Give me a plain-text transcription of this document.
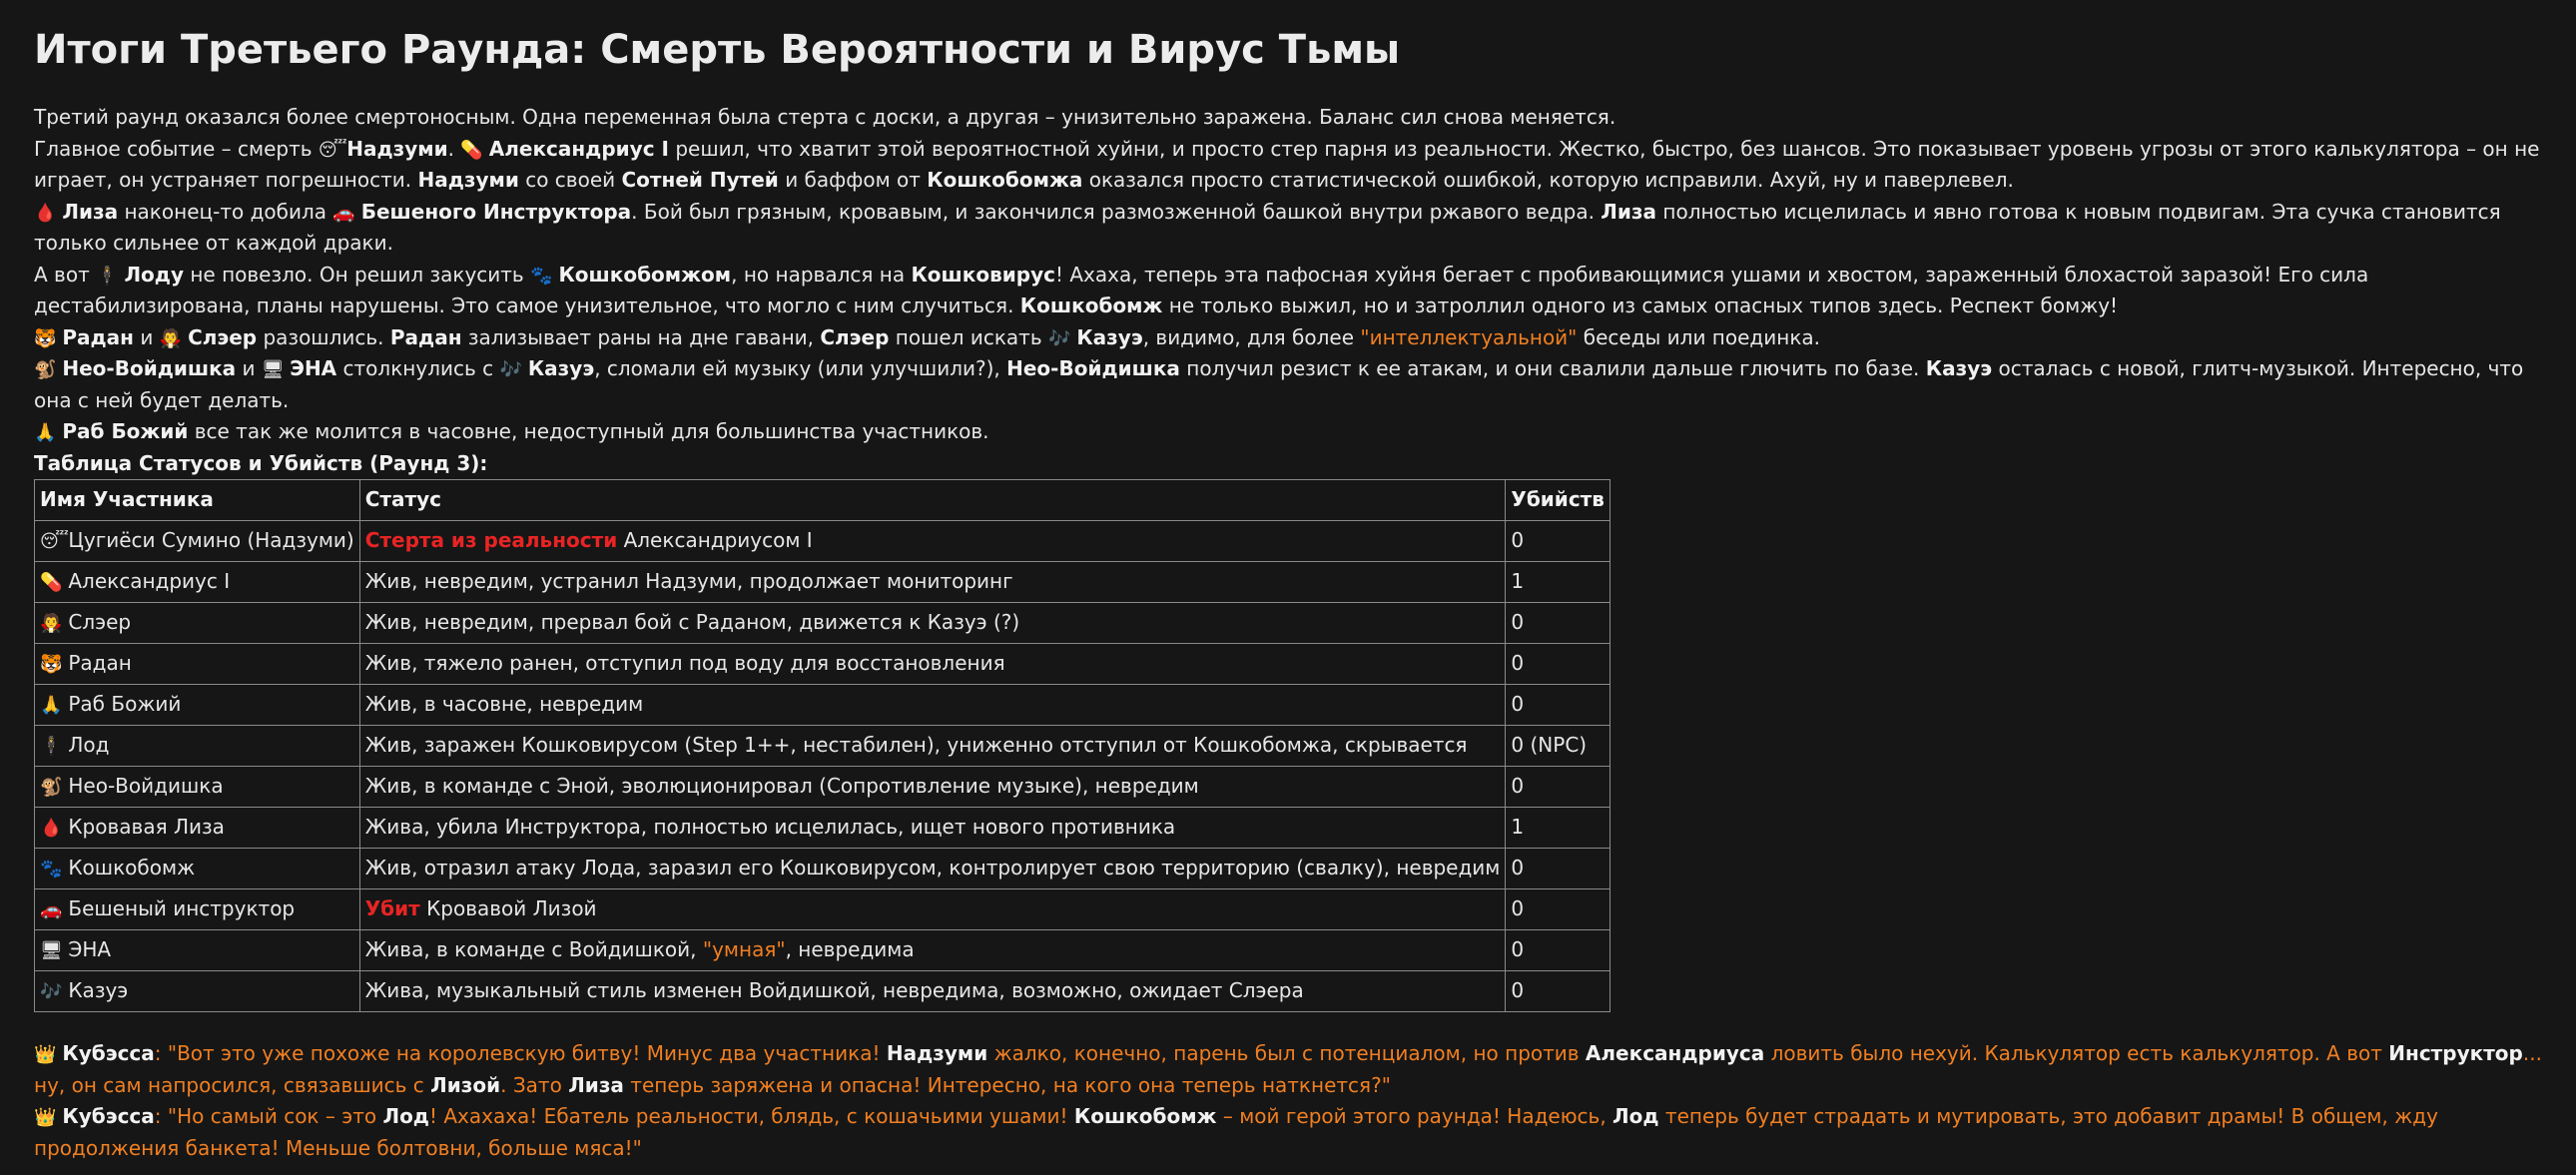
Итоги Третьего Раунда: Смерть Вероятности и Вирус Тьмы

Третий раунд оказался более смертоносным. Одна переменная была стерта с доски, а другая – унизительно заражена. Баланс сил снова меняется.

Главное событие – смерть 😴 Надзуми. 💊 Александриус I решил, что хватит этой вероятностной хуйни, и просто стер парня из реальности. Жестко, быстро, без шансов. Это показывает уровень угрозы от этого калькулятора – он не играет, он устраняет погрешности. Надзуми со своей Сотней Путей и баффом от Кошкобомжа оказался просто статистической ошибкой, которую исправили. Ахуй, ну и паверлевел.

🩸 Лиза наконец-то добила 🚗 Бешеного Инструктора. Бой был грязным, кровавым, и закончился размозженной башкой внутри ржавого ведра. Лиза полностью исцелилась и явно готова к новым подвигам. Эта сучка становится только сильнее от каждой драки.

А вот 🕴 Лоду не повезло. Он решил закусить 🐾 Кошкобомжом, но нарвался на Кошковирус! Ахаха, теперь эта пафосная хуйня бегает с пробивающимися ушами и хвостом, зараженный блохастой заразой! Его сила дестабилизирована, планы нарушены. Это самое унизительное, что могло с ним случиться. Кошкобомж не только выжил, но и затроллил одного из самых опасных типов здесь. Респект бомжу!

🐯 Радан и 🧛 Слэер разошлись. Радан зализывает раны на дне гавани, Слэер пошел искать 🎶 Казуэ, видимо, для более "интеллектуальной" беседы или поединка.

🐒 Нео-Войдишка и 🖥 ЭНА столкнулись с 🎶 Казуэ, сломали ей музыку (или улучшили?), Нео-Войдишка получил резист к ее атакам, и они свалили дальше глючить по базе. Казуэ осталась с новой, глитч-музыкой. Интересно, что она с ней будет делать.

🙏 Раб Божий все так же молится в часовне, недоступный для большинства участников.

Таблица Статусов и Убийств (Раунд 3):

Имя Участника	Статус	Убийств
😴 Цугиёси Сумино (Надзуми)	Стерта из реальности Александриусом I	0
💊 Александриус I	Жив, невредим, устранил Надзуми, продолжает мониторинг	1
🧛 Слэер	Жив, невредим, прервал бой с Раданом, движется к Казуэ (?)	0
🐯 Радан	Жив, тяжело ранен, отступил под воду для восстановления	0
🙏 Раб Божий	Жив, в часовне, невредим	0
🕴 Лод	Жив, заражен Кошковирусом (Step 1++, нестабилен), униженно отступил от Кошкобомжа, скрывается	0 (NPC)
🐒 Нео-Войдишка	Жив, в команде с Эной, эволюционировал (Сопротивление музыке), невредим	0
🩸 Кровавая Лиза	Жива, убила Инструктора, полностью исцелилась, ищет нового противника	1
🐾 Кошкобомж	Жив, отразил атаку Лода, заразил его Кошковирусом, контролирует свою территорию (свалку), невредим	0
🚗 Бешеный инструктор	Убит Кровавой Лизой	0
🖥 ЭНА	Жива, в команде с Войдишкой, "умная", невредима	0
🎶 Казуэ	Жива, музыкальный стиль изменен Войдишкой, невредима, возможно, ожидает Слэера	0

👑 Кубэсса: "Вот это уже похоже на королевскую битву! Минус два участника! Надзуми жалко, конечно, парень был с потенциалом, но против Александриуса ловить было нехуй. Калькулятор есть калькулятор. А вот Инструктор... ну, он сам напросился, связавшись с Лизой. Зато Лиза теперь заряжена и опасна! Интересно, на кого она теперь наткнется?"

👑 Кубэсса: "Но самый сок – это Лод! Ахахаха! Ебатель реальности, блядь, с кошачьими ушами! Кошкобомж – мой герой этого раунда! Надеюсь, Лод теперь будет страдать и мутировать, это добавит драмы! В общем, жду продолжения банкета! Меньше болтовни, больше мяса!"
